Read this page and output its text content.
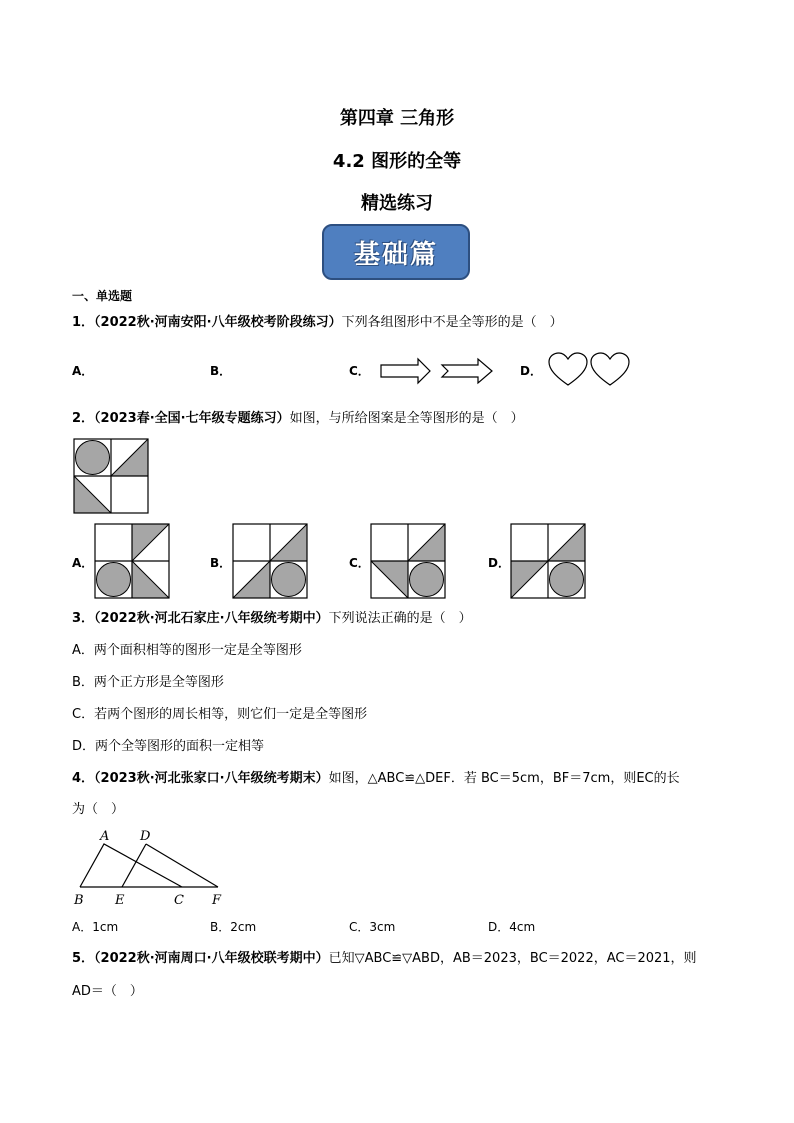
第四章 三角形
4.2 图形的全等
精选练习
基础篇
一、单选题
1．（2022秋·河南安阳·八年级校考阶段练习）下列各组图形中不是全等形的是（　）
A．	B．	C．	D．
2．（2023春·全国·七年级专题练习）如图，与所给图案是全等图形的是（　）
A．	B．	C．	D．
3．（2022秋·河北石家庄·八年级统考期中）下列说法正确的是（　）
A．两个面积相等的图形一定是全等图形
B．两个正方形是全等图形
C．若两个图形的周长相等，则它们一定是全等图形
D．两个全等图形的面积一定相等
4．（2023秋·河北张家口·八年级统考期末）如图，△ABC≌△DEF．若 BC＝5cm，BF＝7cm，则EC的长
为（　）
A D
B E	C F
A．1cm	B．2cm	C．3cm	D．4cm
5．（2022秋·河南周口·八年级校联考期中）已知▽ABC≌▽ABD，AB＝2023，BC＝2022，AC＝2021，则
AD＝（　）
